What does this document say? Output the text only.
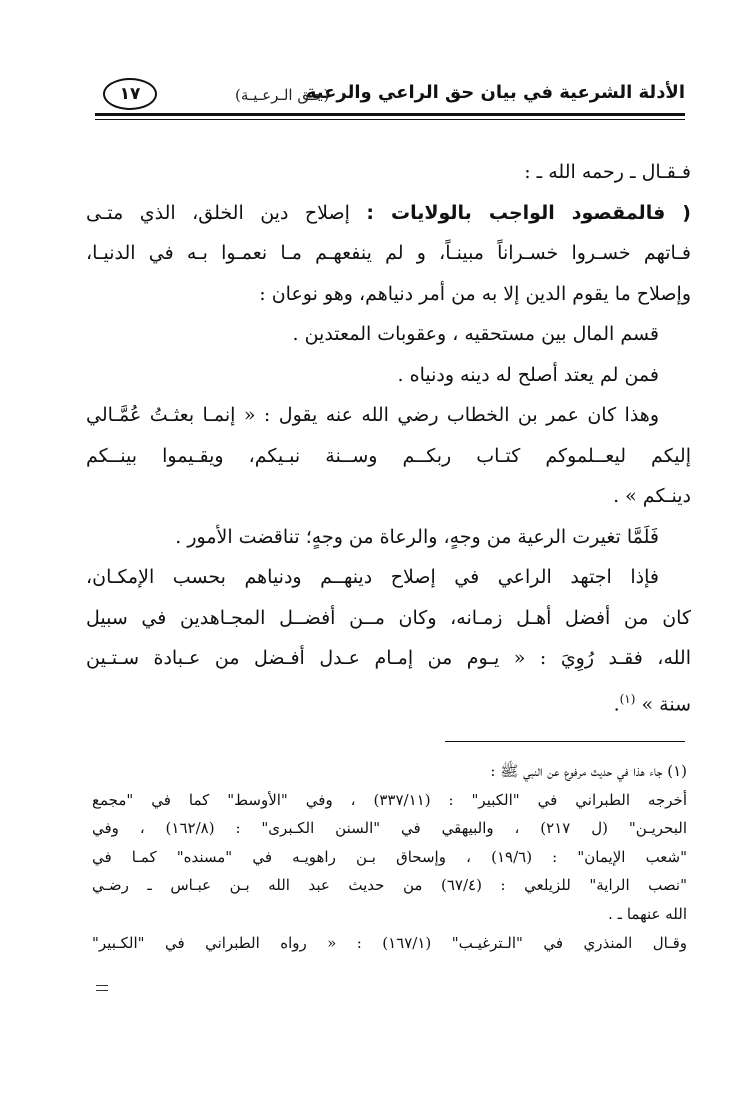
الأدلة الشرعية في بيان حق الراعي والرعية
(حـق الـرعـيـة)
١٧
فـقـال ـ رحمه الله ـ :
( فالمقصود الواجب بالولايات : إصلاح دين الخلق، الذي متـى
فـاتهم خسـروا خسـراناً مبينـاً، و لم ينفعهـم مـا نعمـوا بـه في الدنيـا،
وإصلاح ما يقوم الدين إلا به من أمر دنياهم، وهو نوعان :
قسم المال بين مستحقيه ، وعقوبات المعتدين .
فمن لم يعتد أصلح له دينه ودنياه .
وهذا كان عمر بن الخطاب رضي الله عنه يقول : « إنمـا بعثـتُ عُمَّـالي
إليكم ليعــلموكم كتـاب ربكــم وســنة نبـيكم، ويقـيموا بينــكم
دينـكم » .
فَلَمَّا تغيرت الرعية من وجهٍ، والرعاة من وجهٍ؛ تناقضت الأمور .
فإذا اجتهد الراعي في إصلاح دينهــم ودنياهم بحسب الإمكـان،
كان من أفضل أهـل زمـانه، وكان مــن أفضــل المجـاهدين في سبيل
الله، فقـد رُوِيَ : « يـوم من إمـام عـدل أفـضل من عـبادة سـتـين
سنة » $^{(١)}$.
(١) جاء هذا في حديث مرفوع عن النبي ﷺ :
أخرجه الطبراني في "الكبير" : (٣٣٧/١١) ، وفي "الأوسط" كما في "مجمع
البحريـن" (ل ٢١٧) ، والبيهقي في "السنن الكـبرى" : (١٦٢/٨) ، وفي
"شعب الإيمان" : (١٩/٦) ، وإسحاق بـن راهويـه في "مسنده" كمـا في
"نصب الراية" للزيلعي : (٦٧/٤) من حديث عبد الله بـن عبـاس ـ رضـي
الله عنهما ـ .
وقـال المنذري في "الـترغيـب" (١٦٧/١) : « رواه الطبراني في "الكـبير"
